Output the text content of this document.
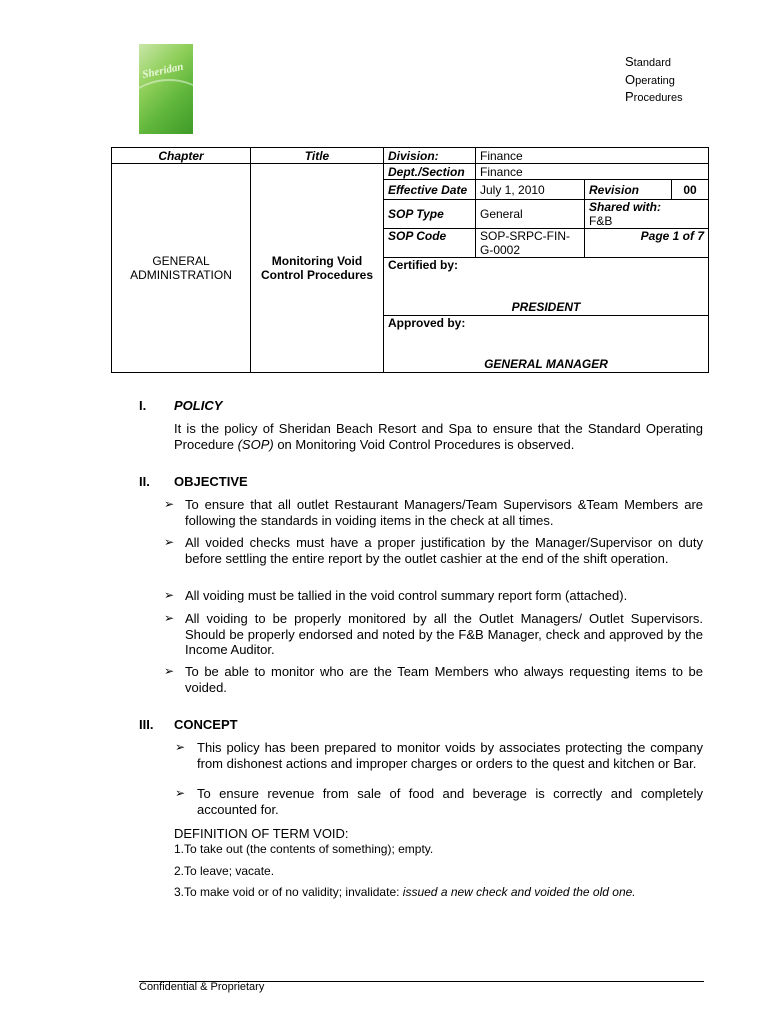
Sheridan	Standard
Operating
Procedures
Chapter	Title	Division:	Finance		
GENERAL ADMINISTRATION	Monitoring Void Control Procedures	Dept./Section	Finance		
		Effective Date	July 1, 2010	Revision	00
		SOP Type	General	Shared with:
F&B	

		SOP Code	SOP-SRPC-FIN-G-0002	Page 1 of 7	

		Certified by:
PRESIDENT			

		Approved by:
GENERAL MANAGER			
I. POLICY
It is the policy of Sheridan Beach Resort and Spa to ensure that the Standard Operating Procedure (SOP) on Monitoring Void Control Procedures is observed.
II. OBJECTIVE
➢ To ensure that all outlet Restaurant Managers/Team Supervisors &Team Members are following the standards in voiding items in the check at all times.
➢ All voided checks must have a proper justification by the Manager/Supervisor on duty before settling the entire report by the outlet cashier at the end of the shift operation.
➢ All voiding must be tallied in the void control summary report form (attached).
➢ All voiding to be properly monitored by all the Outlet Managers/ Outlet Supervisors. Should be properly endorsed and noted by the F&B Manager, check and approved by the Income Auditor.
➢ To be able to monitor who are the Team Members who always requesting items to be voided.
III. CONCEPT
➢ This policy has been prepared to monitor voids by associates protecting the company from dishonest actions and improper charges or orders to the quest and kitchen or Bar.
➢ To ensure revenue from sale of food and beverage is correctly and completely accounted for.
DEFINITION OF TERM VOID:
1.To take out (the contents of something); empty.
2.To leave; vacate.
3.To make void or of no validity; invalidate: issued a new check and voided the old one.
Confidential & Proprietary
